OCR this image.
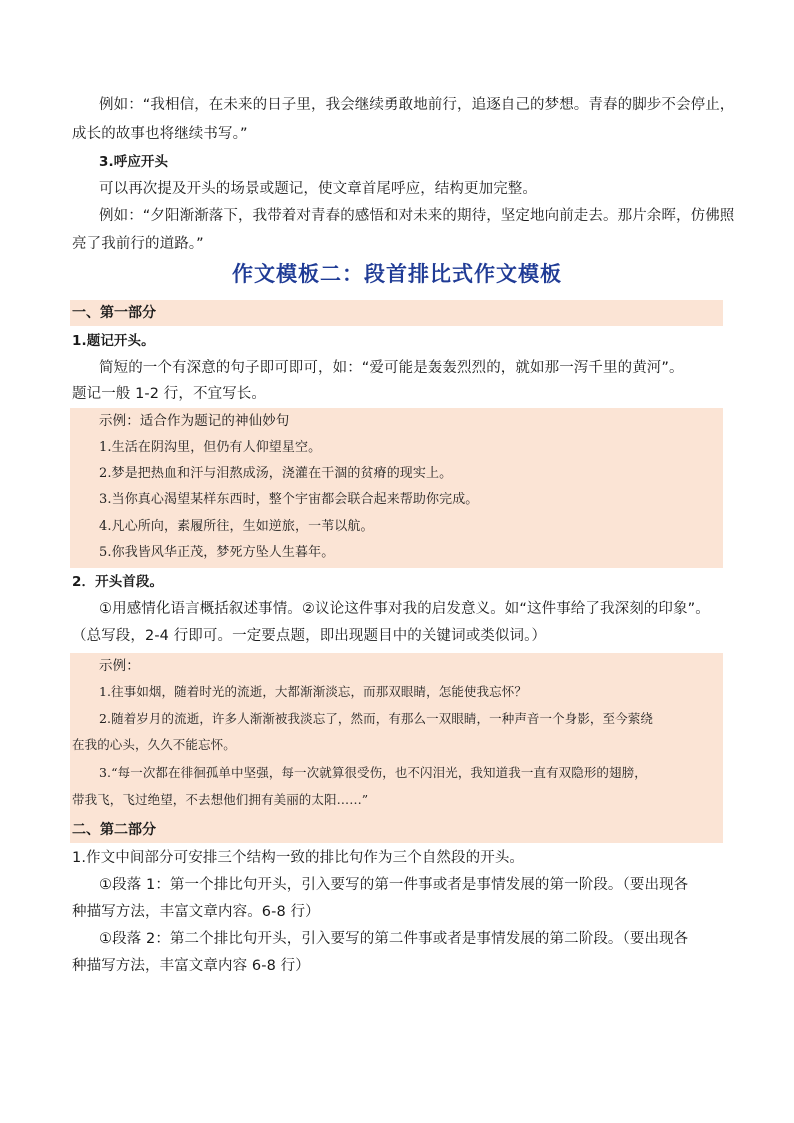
例如：“我相信，在未来的日子里，我会继续勇敢地前行，追逐自己的梦想。青春的脚步不会停止，
成长的故事也将继续书写。”
3.呼应开头
可以再次提及开头的场景或题记，使文章首尾呼应，结构更加完整。
例如：“夕阳渐渐落下，我带着对青春的感悟和对未来的期待，坚定地向前走去。那片余晖，仿佛照
亮了我前行的道路。”
作文模板二：段首排比式作文模板
一、第一部分
1.题记开头。
简短的一个有深意的句子即可即可，如：“爱可能是轰轰烈烈的，就如那一泻千里的黄河”。
题记一般 1-2 行，不宜写长。
示例：适合作为题记的神仙妙句
1.生活在阴沟里，但仍有人仰望星空。
2.梦是把热血和汗与泪熬成汤，浇灌在干涸的贫瘠的现实上。
3.当你真心渴望某样东西时，整个宇宙都会联合起来帮助你完成。
4.凡心所向，素履所往，生如逆旅，一苇以航。
5.你我皆风华正茂，梦死方坠人生暮年。
2．开头首段。
①用感情化语言概括叙述事情。②议论这件事对我的启发意义。如“这件事给了我深刻的印象”。
（总写段，2-4 行即可。一定要点题，即出现题目中的关键词或类似词。）
示例：
1.往事如烟，随着时光的流逝，大都渐渐淡忘，而那双眼睛，怎能使我忘怀？
2.随着岁月的流逝，许多人渐渐被我淡忘了，然而，有那么一双眼睛，一种声音一个身影，至今萦绕
在我的心头，久久不能忘怀。
3.“每一次都在徘徊孤单中坚强，每一次就算很受伤，也不闪泪光，我知道我一直有双隐形的翅膀，
带我飞，飞过绝望，不去想他们拥有美丽的太阳……”
二、第二部分
1.作文中间部分可安排三个结构一致的排比句作为三个自然段的开头。
①段落 1：第一个排比句开头，引入要写的第一件事或者是事情发展的第一阶段。（要出现各
种描写方法，丰富文章内容。6-8 行）
①段落 2：第二个排比句开头，引入要写的第二件事或者是事情发展的第二阶段。（要出现各
种描写方法，丰富文章内容 6-8 行）
